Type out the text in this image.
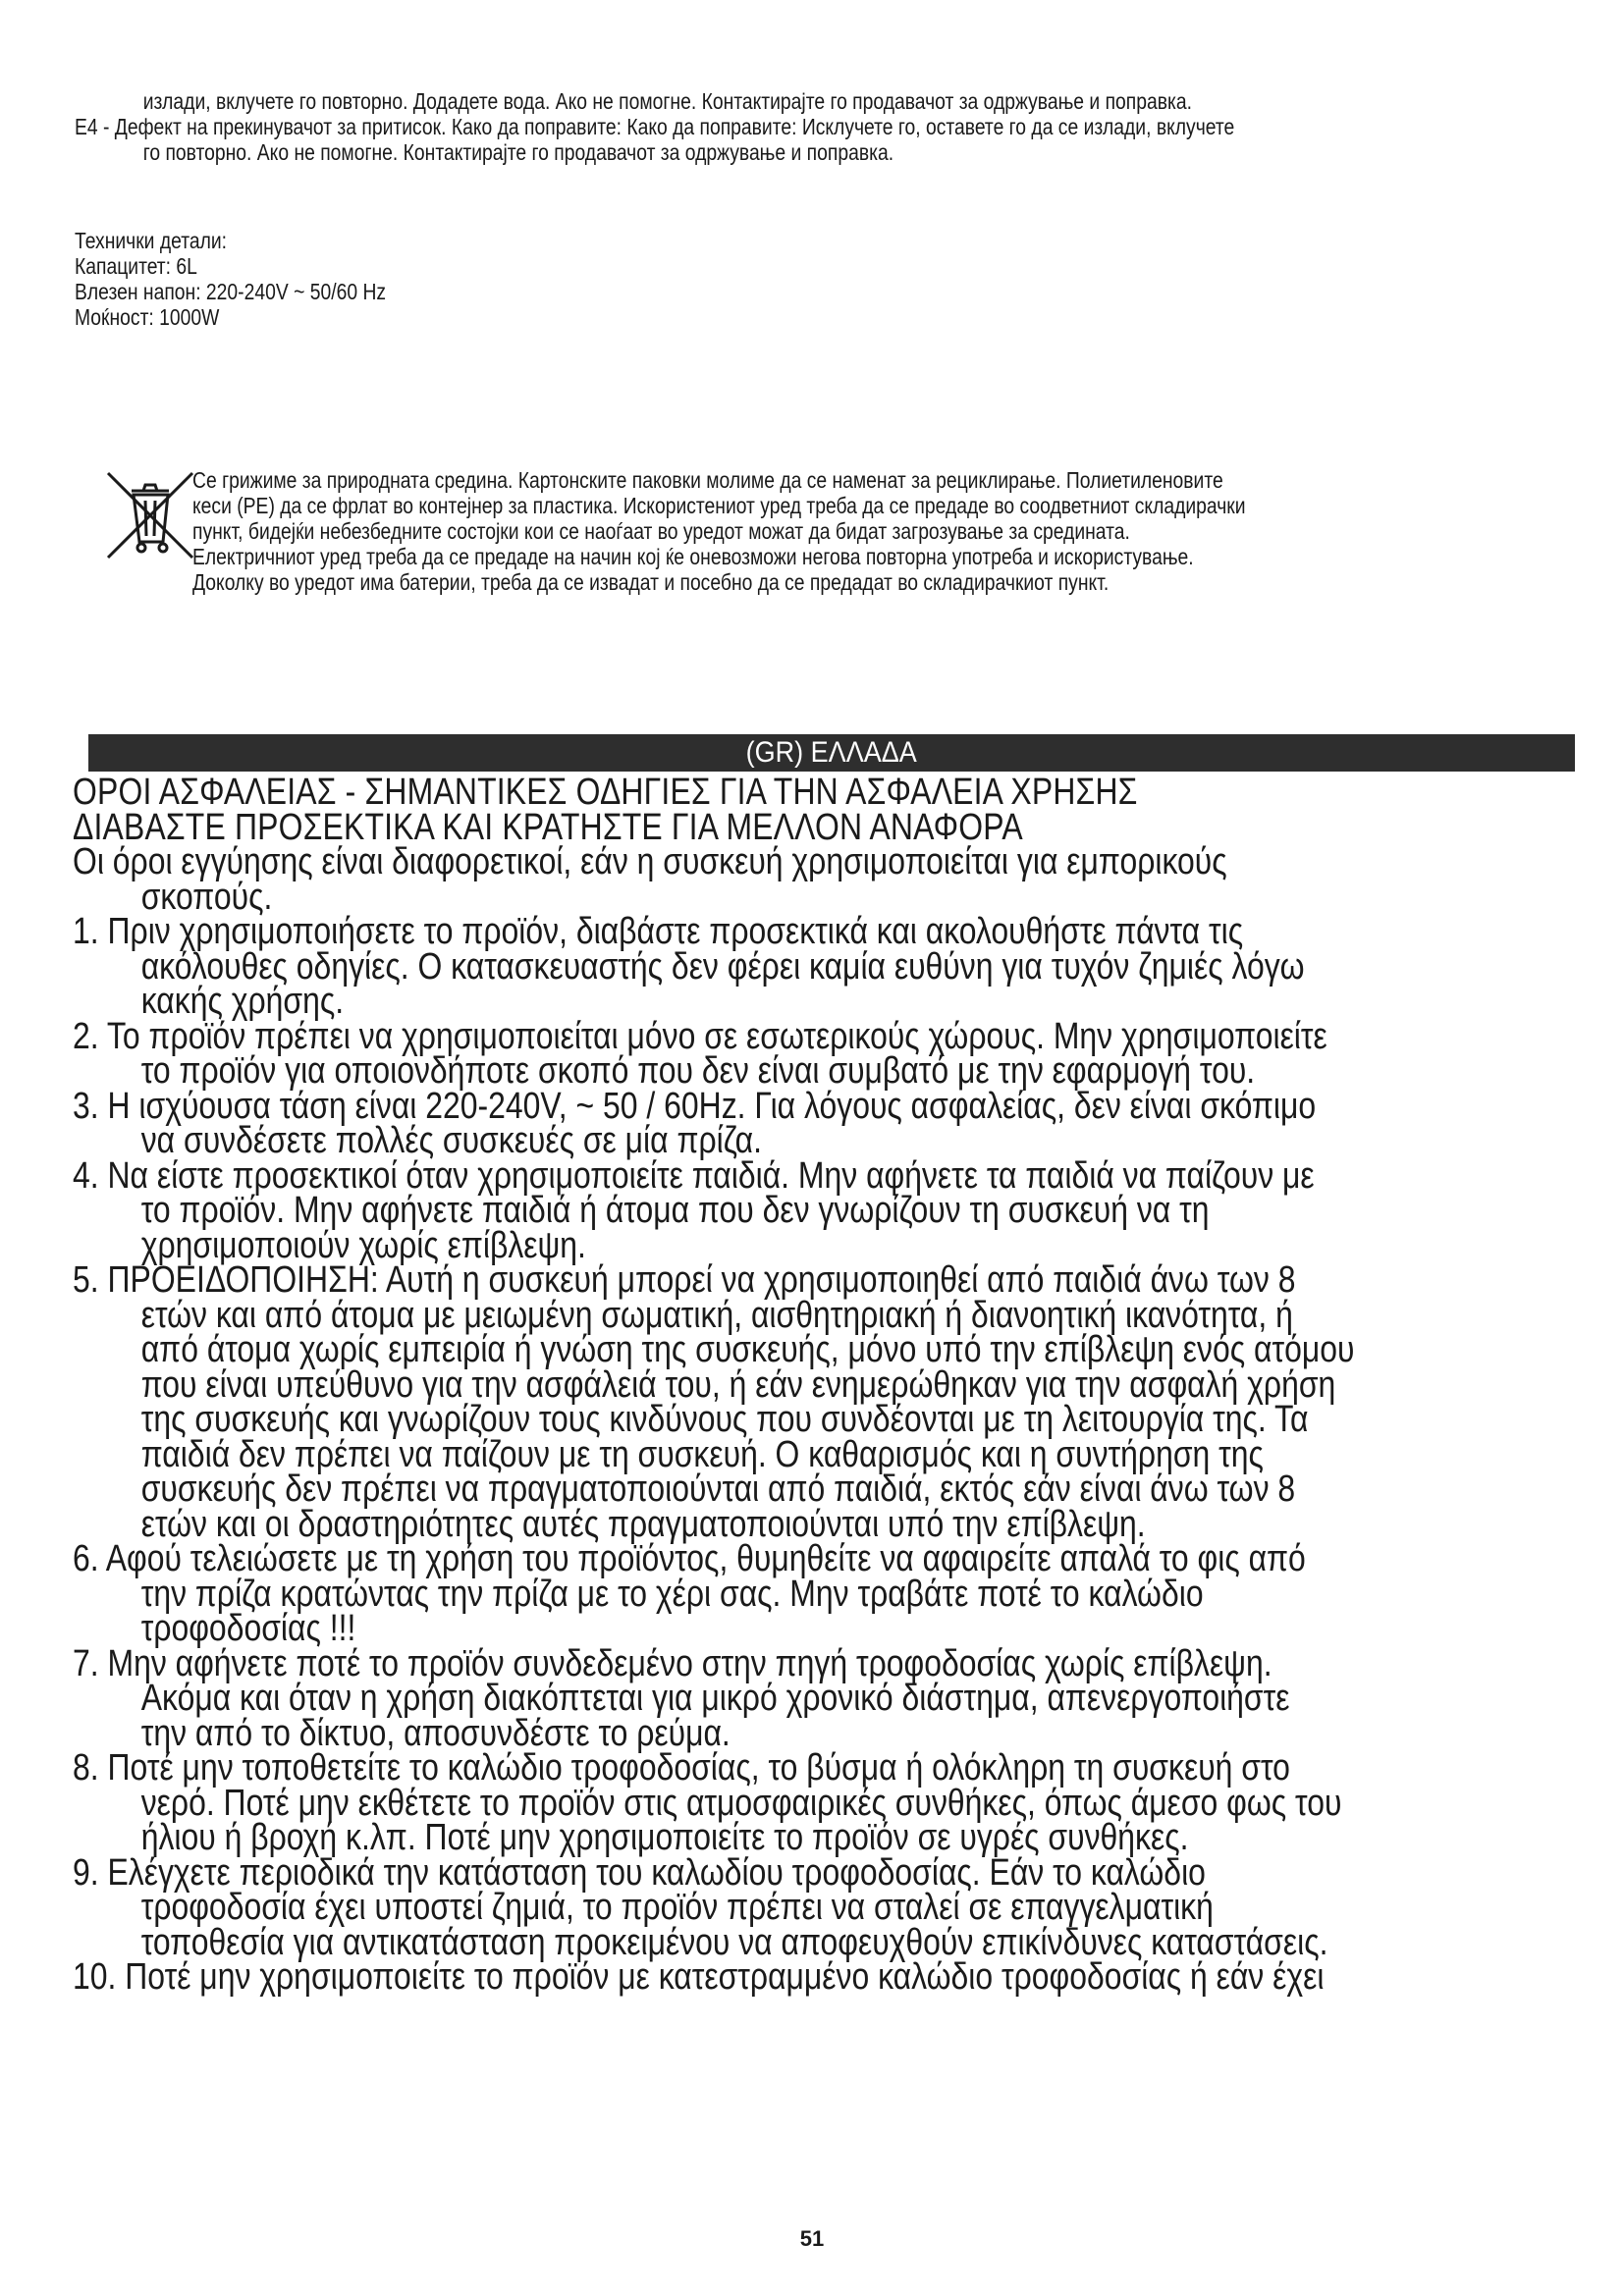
излади, вклучете го повторно. Додадете вода. Ако не помогне. Контактирајте го продавачот за одржување и поправка.
E4 - Дефект на прекинувачот за притисок. Како да поправите: Како да поправите: Исклучете го, оставете го да се излади, вклучете
го повторно. Ако не помогне. Контактирајте го продавачот за одржување и поправка.
Технички детали:
Капацитет: 6L
Влезен напон: 220-240V ~ 50/60 Hz
Моќност: 1000W
Се грижиме за природната средина. Картонските паковки молиме да се наменат за рециклирање. Полиетиленовите
кеси (PE) да се фрлат во контејнер за пластика. Искористениот уред треба да се предаде во соодветниот складирачки
пункт, бидејќи небезбедните состојки кои се наоѓаат во уредот можат да бидат загрозување за средината.
Електричниот уред треба да се предаде на начин кој ќе оневозможи негова повторна употреба и искористување.
Доколку во уредот има батерии, треба да се извадат и посебно да се предадат во складирачкиот пункт.
(GR) ΕΛΛΑΔΑ
ΟΡΟΙ ΑΣΦΑΛΕΙΑΣ - ΣΗΜΑΝΤΙΚΕΣ ΟΔΗΓΙΕΣ ΓΙΑ ΤΗΝ ΑΣΦΑΛΕΙΑ ΧΡΗΣΗΣ
ΔΙΑΒΑΣΤΕ ΠΡΟΣΕΚΤΙΚΑ ΚΑΙ ΚΡΑΤΗΣΤΕ ΓΙΑ ΜΕΛΛΟΝ ΑΝΑΦΟΡΑ
Οι όροι εγγύησης είναι διαφορετικοί, εάν η συσκευή χρησιμοποιείται για εμπορικούς
σκοπούς.
1. Πριν χρησιμοποιήσετε το προϊόν, διαβάστε προσεκτικά και ακολουθήστε πάντα τις
ακόλουθες οδηγίες. Ο κατασκευαστής δεν φέρει καμία ευθύνη για τυχόν ζημιές λόγω
κακής χρήσης.
2. Το προϊόν πρέπει να χρησιμοποιείται μόνο σε εσωτερικούς χώρους. Μην χρησιμοποιείτε
το προϊόν για οποιονδήποτε σκοπό που δεν είναι συμβατό με την εφαρμογή του.
3. Η ισχύουσα τάση είναι 220-240V, ~ 50 / 60Hz. Για λόγους ασφαλείας, δεν είναι σκόπιμο
να συνδέσετε πολλές συσκευές σε μία πρίζα.
4. Να είστε προσεκτικοί όταν χρησιμοποιείτε παιδιά. Μην αφήνετε τα παιδιά να παίζουν με
το προϊόν. Μην αφήνετε παιδιά ή άτομα που δεν γνωρίζουν τη συσκευή να τη
χρησιμοποιούν χωρίς επίβλεψη.
5. ΠΡΟΕΙΔΟΠΟΙΗΣΗ: Αυτή η συσκευή μπορεί να χρησιμοποιηθεί από παιδιά άνω των 8
ετών και από άτομα με μειωμένη σωματική, αισθητηριακή ή διανοητική ικανότητα, ή
από άτομα χωρίς εμπειρία ή γνώση της συσκευής, μόνο υπό την επίβλεψη ενός ατόμου
που είναι υπεύθυνο για την ασφάλειά του, ή εάν ενημερώθηκαν για την ασφαλή χρήση
της συσκευής και γνωρίζουν τους κινδύνους που συνδέονται με τη λειτουργία της. Τα
παιδιά δεν πρέπει να παίζουν με τη συσκευή. Ο καθαρισμός και η συντήρηση της
συσκευής δεν πρέπει να πραγματοποιούνται από παιδιά, εκτός εάν είναι άνω των 8
ετών και οι δραστηριότητες αυτές πραγματοποιούνται υπό την επίβλεψη.
6. Αφού τελειώσετε με τη χρήση του προϊόντος, θυμηθείτε να αφαιρείτε απαλά το φις από
την πρίζα κρατώντας την πρίζα με το χέρι σας. Μην τραβάτε ποτέ το καλώδιο
τροφοδοσίας !!!
7. Μην αφήνετε ποτέ το προϊόν συνδεδεμένο στην πηγή τροφοδοσίας χωρίς επίβλεψη.
Ακόμα και όταν η χρήση διακόπτεται για μικρό χρονικό διάστημα, απενεργοποιήστε
την από το δίκτυο, αποσυνδέστε το ρεύμα.
8. Ποτέ μην τοποθετείτε το καλώδιο τροφοδοσίας, το βύσμα ή ολόκληρη τη συσκευή στο
νερό. Ποτέ μην εκθέτετε το προϊόν στις ατμοσφαιρικές συνθήκες, όπως άμεσο φως του
ήλιου ή βροχή κ.λπ. Ποτέ μην χρησιμοποιείτε το προϊόν σε υγρές συνθήκες.
9. Ελέγχετε περιοδικά την κατάσταση του καλωδίου τροφοδοσίας. Εάν το καλώδιο
τροφοδοσία έχει υποστεί ζημιά, το προϊόν πρέπει να σταλεί σε επαγγελματική
τοποθεσία για αντικατάσταση προκειμένου να αποφευχθούν επικίνδυνες καταστάσεις.
10. Ποτέ μην χρησιμοποιείτε το προϊόν με κατεστραμμένο καλώδιο τροφοδοσίας ή εάν έχει
51
